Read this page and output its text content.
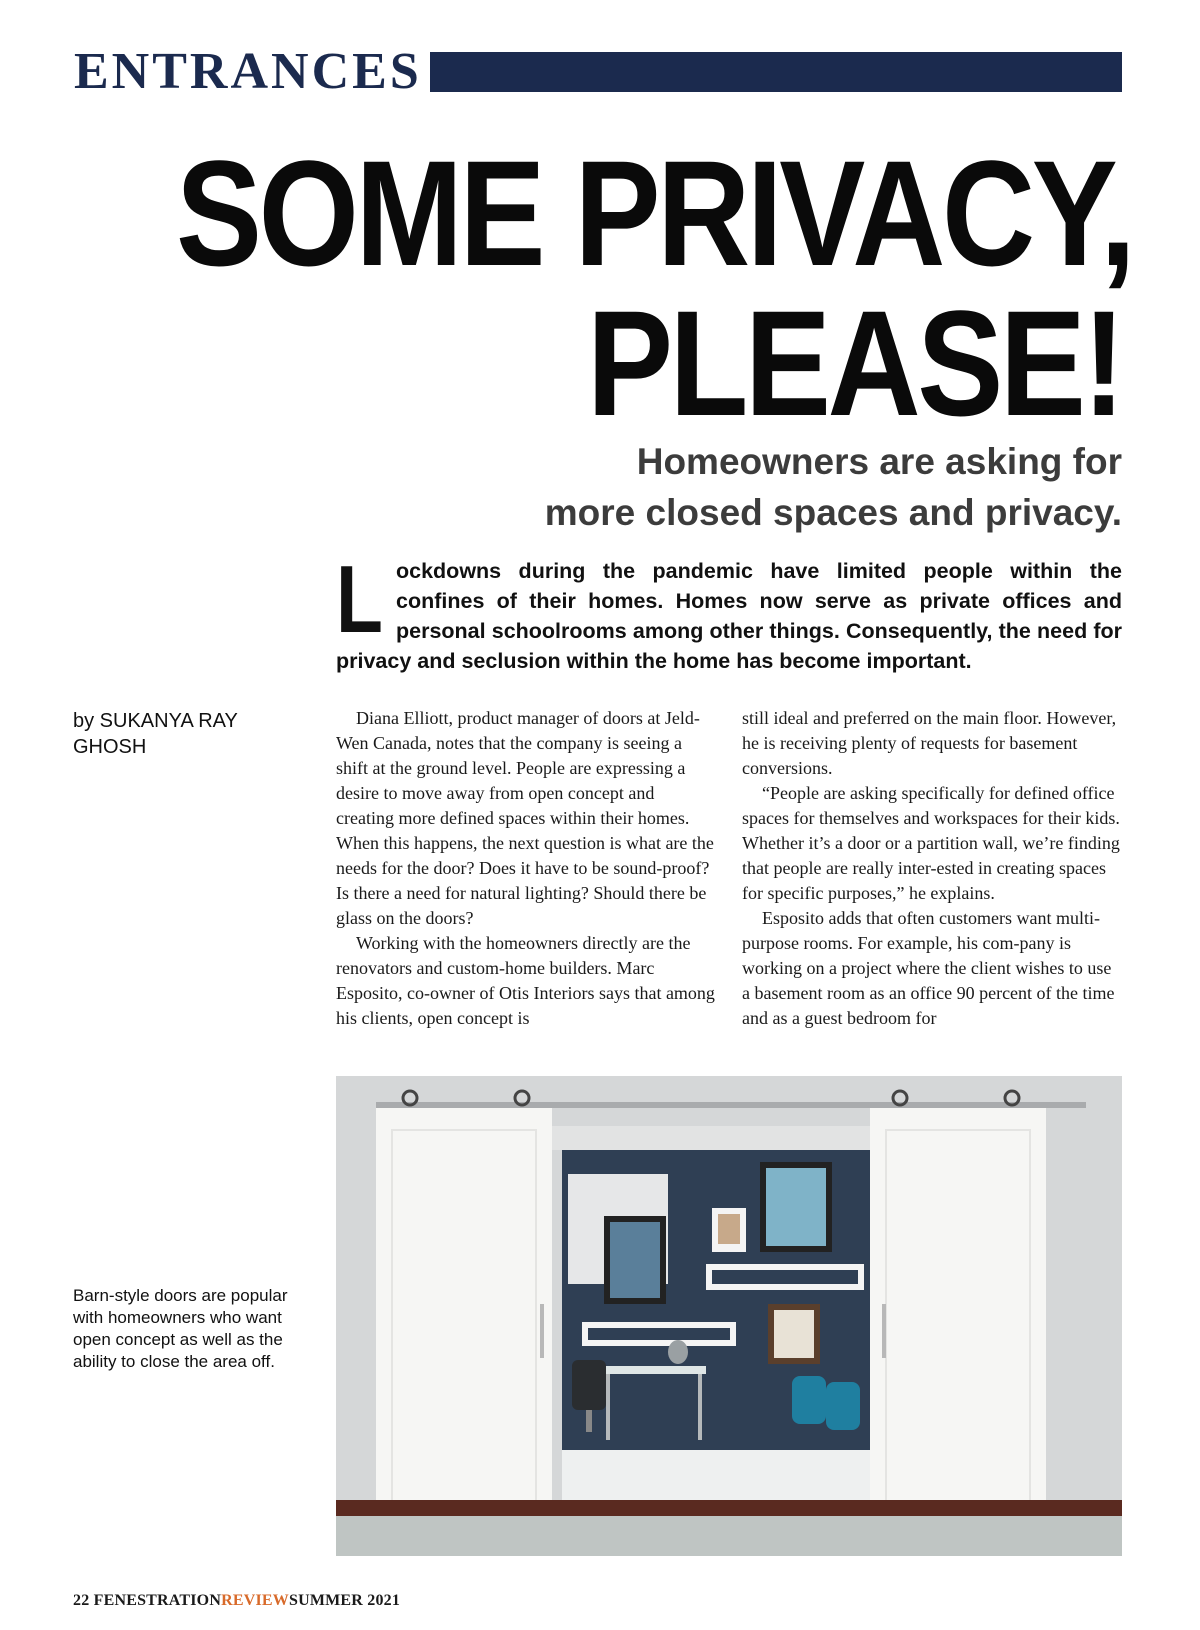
ENTRANCES
SOME PRIVACY,
PLEASE!
Homeowners are asking for
more closed spaces and privacy.
Lockdowns during the pandemic have limited people within the confines of their homes. Homes now serve as private offices and personal schoolrooms among other things. Consequently, the need for privacy and seclusion within the home has become important.
by SUKANYA RAY GHOSH

Diana Elliott, product manager of doors at Jeld-Wen Canada, notes that the company is seeing a shift at the ground level. People are expressing a desire to move away from open concept and creating more defined spaces within their homes. When this happens, the next question is what are the needs for the door? Does it have to be sound-proof? Is there a need for natural lighting? Should there be glass on the doors?

Working with the homeowners directly are the renovators and custom-home builders. Marc Esposito, co-owner of Otis Interiors says that among his clients, open concept is

still ideal and preferred on the main floor. However, he is receiving plenty of requests for basement conversions.

“People are asking specifically for defined office spaces for themselves and workspaces for their kids. Whether it’s a door or a partition wall, we’re finding that people are really inter-ested in creating spaces for specific purposes,” he explains.

Esposito adds that often customers want multi-purpose rooms. For example, his com-pany is working on a project where the client wishes to use a basement room as an office 90 percent of the time and as a guest bedroom for

Barn-style doors are popular with homeowners who want open concept as well as the ability to close the area off.
22 FENESTRATIONREVIEWSUMMER 2021
